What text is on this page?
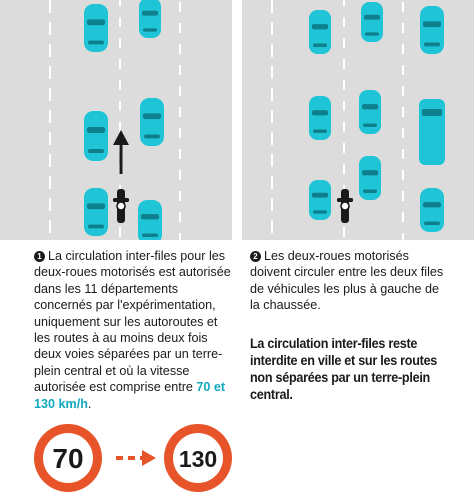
1 La circulation inter-files pour les deux-roues motorisés est autorisée dans les 11 départements concernés par l'expérimentation, uniquement sur les autoroutes et les routes à au moins deux fois deux voies séparées par un terre-plein central et où la vitesse autorisée est comprise entre 70 et 130 km/h.
2 Les deux-roues motorisés doivent circuler entre les deux files de véhicules les plus à gauche de la chaussée.
La circulation inter-files reste interdite en ville et sur les routes non séparées par un terre-plein central.
70	130
